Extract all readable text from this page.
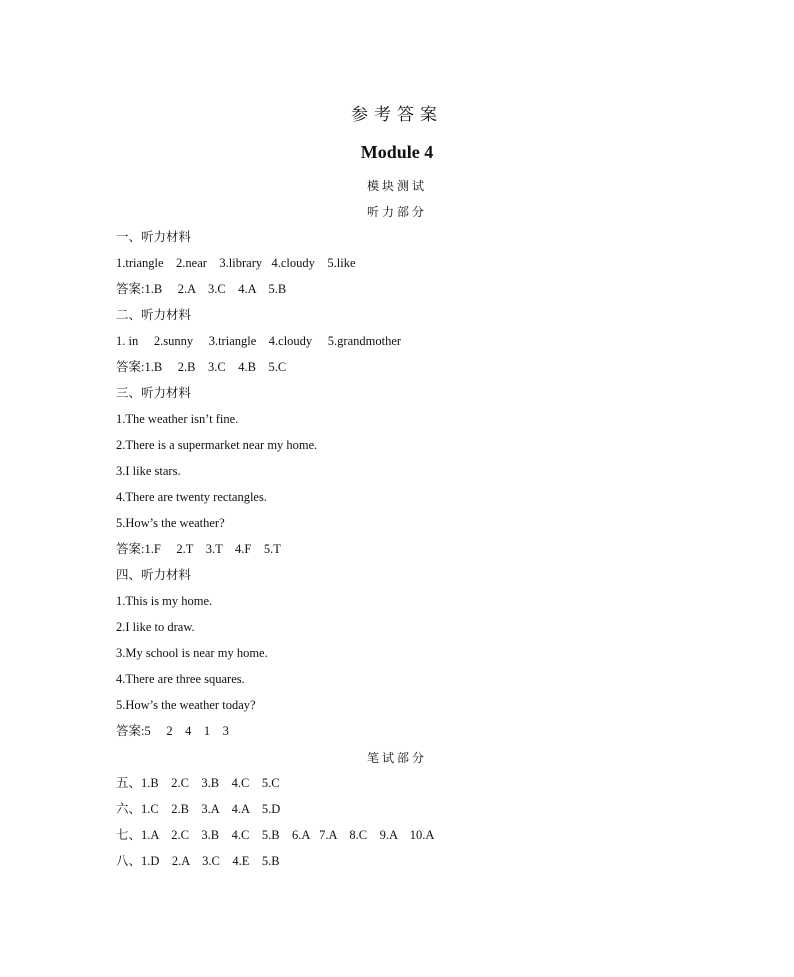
参考答案
Module 4
模块测试
听力部分
一、听力材料
1.triangle    2.near    3.library   4.cloudy    5.like
答案:1.B     2.A    3.C    4.A    5.B
二、听力材料
1. in     2.sunny     3.triangle    4.cloudy     5.grandmother
答案:1.B     2.B    3.C    4.B    5.C
三、听力材料
1.The weather isn’t fine.
2.There is a supermarket near my home.
3.I like stars.
4.There are twenty rectangles.
5.How’s the weather?
答案:1.F     2.T    3.T    4.F    5.T
四、听力材料
1.This is my home.
2.I like to draw.
3.My school is near my home.
4.There are three squares.
5.How’s the weather today?
答案:5     2    4    1    3
笔试部分
五、1.B    2.C    3.B    4.C    5.C
六、1.C    2.B    3.A    4.A    5.D
七、1.A    2.C    3.B    4.C    5.B    6.A   7.A    8.C    9.A    10.A
八、1.D    2.A    3.C    4.E    5.B
